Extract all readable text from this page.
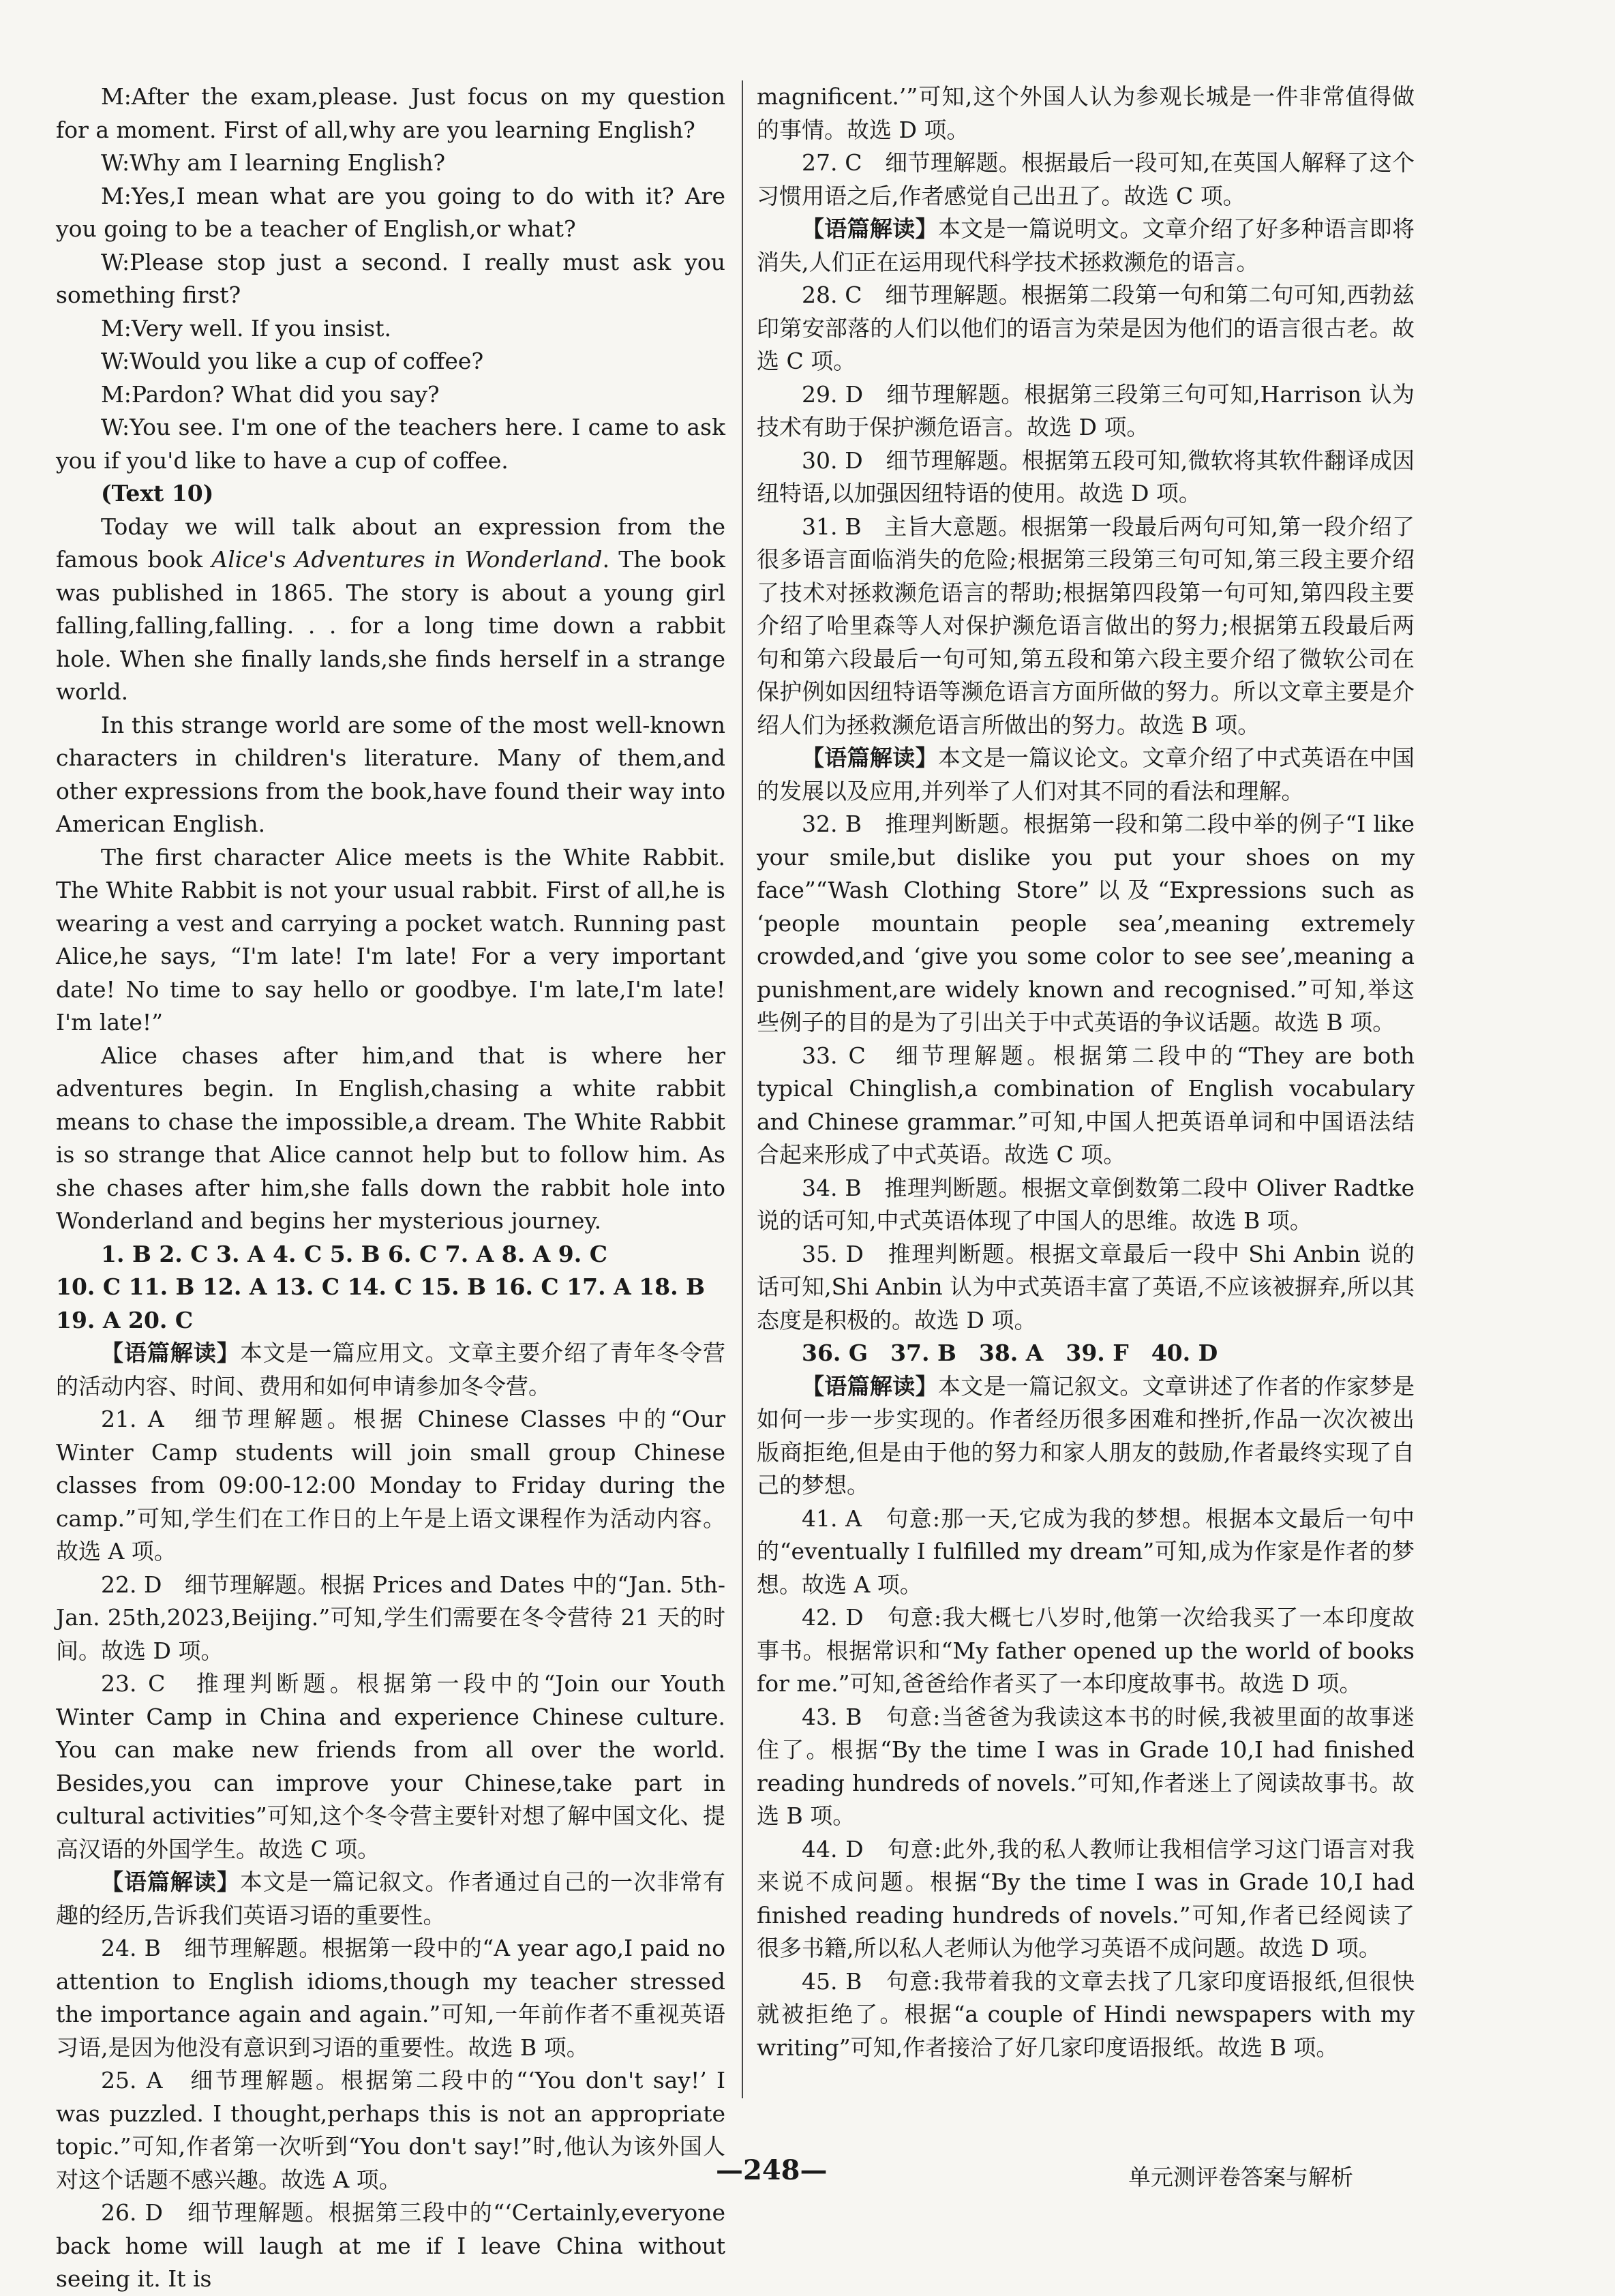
M:After the exam,please. Just focus on my question for a moment. First of all,why are you learning English?

W:Why am I learning English?

M:Yes,I mean what are you going to do with it? Are you going to be a teacher of English,or what?

W:Please stop just a second. I really must ask you something first?

M:Very well. If you insist.

W:Would you like a cup of coffee?

M:Pardon? What did you say?

W:You see. I'm one of the teachers here. I came to ask you if you'd like to have a cup of coffee.

(Text 10)

Today we will talk about an expression from the famous book Alice's Adventures in Wonderland. The book was published in 1865. The story is about a young girl falling,falling,falling. . . for a long time down a rabbit hole. When she finally lands,she finds herself in a strange world.

In this strange world are some of the most well-known characters in children's literature. Many of them,and other expressions from the book,have found their way into American English.

The first character Alice meets is the White Rabbit. The White Rabbit is not your usual rabbit. First of all,he is wearing a vest and carrying a pocket watch. Running past Alice,he says, “I'm late! I'm late! For a very important date! No time to say hello or goodbye. I'm late,I'm late! I'm late!”

Alice chases after him,and that is where her adventures begin. In English,chasing a white rabbit means to chase the impossible,a dream. The White Rabbit is so strange that Alice cannot help but to follow him. As she chases after him,she falls down the rabbit hole into Wonderland and begins her mysterious journey.

1. B 2. C 3. A 4. C 5. B 6. C 7. A 8. A 9. C

10. C 11. B 12. A 13. C 14. C 15. B 16. C 17. A 18. B

19. A 20. C

【语篇解读】本文是一篇应用文。文章主要介绍了青年冬令营的活动内容、时间、费用和如何申请参加冬令营。

21. A　细节理解题。根据 Chinese Classes 中的“Our Winter Camp students will join small group Chinese classes from 09:00-12:00 Monday to Friday during the camp.”可知,学生们在工作日的上午是上语文课程作为活动内容。故选 A 项。

22. D　细节理解题。根据 Prices and Dates 中的“Jan. 5th-Jan. 25th,2023,Beijing.”可知,学生们需要在冬令营待 21 天的时间。故选 D 项。

23. C　推理判断题。根据第一段中的“Join our Youth Winter Camp in China and experience Chinese culture. You can make new friends from all over the world. Besides,you can improve your Chinese,take part in cultural activities”可知,这个冬令营主要针对想了解中国文化、提高汉语的外国学生。故选 C 项。

【语篇解读】本文是一篇记叙文。作者通过自己的一次非常有趣的经历,告诉我们英语习语的重要性。

24. B　细节理解题。根据第一段中的“A year ago,I paid no attention to English idioms,though my teacher stressed the importance again and again.”可知,一年前作者不重视英语习语,是因为他没有意识到习语的重要性。故选 B 项。

25. A　细节理解题。根据第二段中的“‘You don't say!’ I was puzzled. I thought,perhaps this is not an appropriate topic.”可知,作者第一次听到“You don't say!”时,他认为该外国人对这个话题不感兴趣。故选 A 项。

26. D　细节理解题。根据第三段中的“‘Certainly,everyone back home will laugh at me if I leave China without seeing it. It is

magnificent.’”可知,这个外国人认为参观长城是一件非常值得做的事情。故选 D 项。

27. C　细节理解题。根据最后一段可知,在英国人解释了这个习惯用语之后,作者感觉自己出丑了。故选 C 项。

【语篇解读】本文是一篇说明文。文章介绍了好多种语言即将消失,人们正在运用现代科学技术拯救濒危的语言。

28. C　细节理解题。根据第二段第一句和第二句可知,西勃兹印第安部落的人们以他们的语言为荣是因为他们的语言很古老。故选 C 项。

29. D　细节理解题。根据第三段第三句可知,Harrison 认为技术有助于保护濒危语言。故选 D 项。

30. D　细节理解题。根据第五段可知,微软将其软件翻译成因纽特语,以加强因纽特语的使用。故选 D 项。

31. B　主旨大意题。根据第一段最后两句可知,第一段介绍了很多语言面临消失的危险;根据第三段第三句可知,第三段主要介绍了技术对拯救濒危语言的帮助;根据第四段第一句可知,第四段主要介绍了哈里森等人对保护濒危语言做出的努力;根据第五段最后两句和第六段最后一句可知,第五段和第六段主要介绍了微软公司在保护例如因纽特语等濒危语言方面所做的努力。所以文章主要是介绍人们为拯救濒危语言所做出的努力。故选 B 项。

【语篇解读】本文是一篇议论文。文章介绍了中式英语在中国的发展以及应用,并列举了人们对其不同的看法和理解。

32. B　推理判断题。根据第一段和第二段中举的例子“I like your smile,but dislike you put your shoes on my face”“Wash Clothing Store”以及“Expressions such as ‘people mountain people sea’,meaning extremely crowded,and ‘give you some color to see see’,meaning a punishment,are widely known and recognised.”可知,举这些例子的目的是为了引出关于中式英语的争议话题。故选 B 项。

33. C　细节理解题。根据第二段中的“They are both typical Chinglish,a combination of English vocabulary and Chinese grammar.”可知,中国人把英语单词和中国语法结合起来形成了中式英语。故选 C 项。

34. B　推理判断题。根据文章倒数第二段中 Oliver Radtke 说的话可知,中式英语体现了中国人的思维。故选 B 项。

35. D　推理判断题。根据文章最后一段中 Shi Anbin 说的话可知,Shi Anbin 认为中式英语丰富了英语,不应该被摒弃,所以其态度是积极的。故选 D 项。

36. G　37. B　38. A　39. F　40. D

【语篇解读】本文是一篇记叙文。文章讲述了作者的作家梦是如何一步一步实现的。作者经历很多困难和挫折,作品一次次被出版商拒绝,但是由于他的努力和家人朋友的鼓励,作者最终实现了自己的梦想。

41. A　句意:那一天,它成为我的梦想。根据本文最后一句中的“eventually I fulfilled my dream”可知,成为作家是作者的梦想。故选 A 项。

42. D　句意:我大概七八岁时,他第一次给我买了一本印度故事书。根据常识和“My father opened up the world of books for me.”可知,爸爸给作者买了一本印度故事书。故选 D 项。

43. B　句意:当爸爸为我读这本书的时候,我被里面的故事迷住了。根据“By the time I was in Grade 10,I had finished reading hundreds of novels.”可知,作者迷上了阅读故事书。故选 B 项。

44. D　句意:此外,我的私人教师让我相信学习这门语言对我来说不成问题。根据“By the time I was in Grade 10,I had finished reading hundreds of novels.”可知,作者已经阅读了很多书籍,所以私人老师认为他学习英语不成问题。故选 D 项。

45. B　句意:我带着我的文章去找了几家印度语报纸,但很快就被拒绝了。根据“a couple of Hindi newspapers with my writing”可知,作者接洽了好几家印度语报纸。故选 B 项。

—248—	单元测评卷答案与解析
